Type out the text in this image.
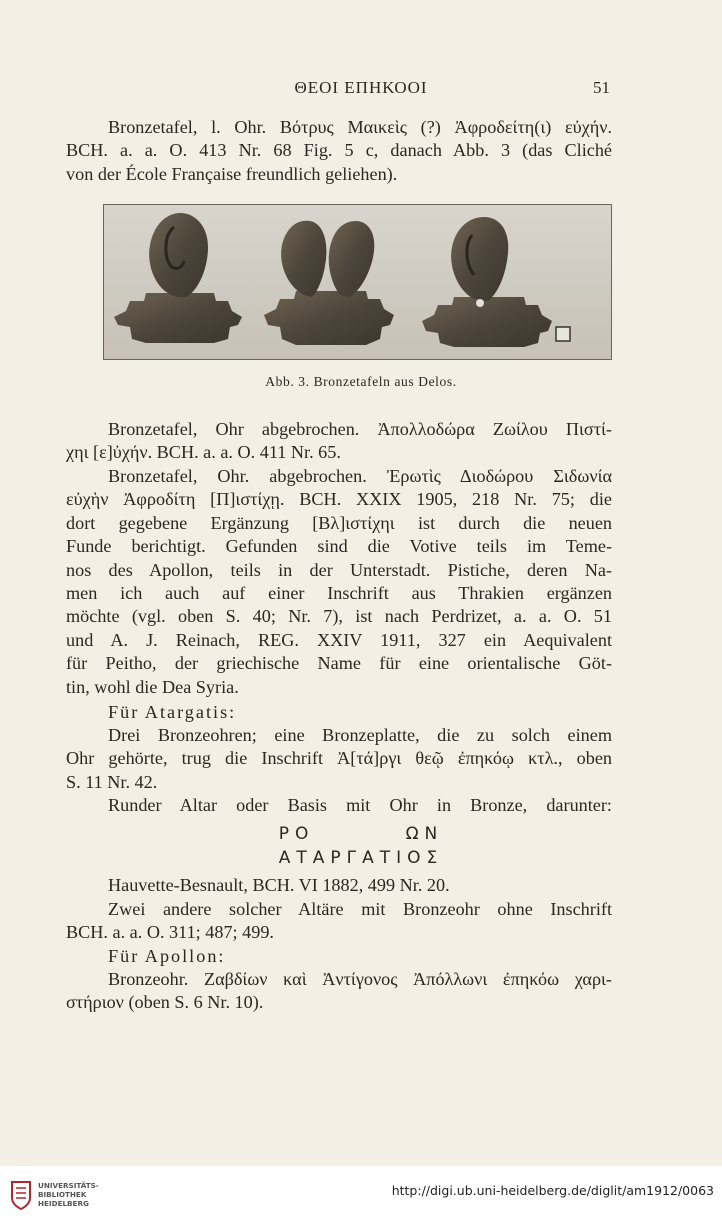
ΘΕΟΙ ΕΠΗΚΟΟΙ	51
Bronzetafel, l. Ohr. Βότρυς Μαικεὶς (?) Ἀφροδείτη(ι) εὐχήν.
BCH. a. a. O. 413 Nr. 68 Fig. 5 c, danach Abb. 3 (das Cliché
von der École Française freundlich geliehen).
Abb. 3. Bronzetafeln aus Delos.
Bronzetafel, Ohr abgebrochen. Ἀπολλοδώρα Ζωίλου Πιστί-
χηι [ε]ὐχήν. BCH. a. a. O. 411 Nr. 65.
Bronzetafel, Ohr. abgebrochen. Ἐρωτὶς Διοδώρου Σιδωνία
εὐχὴν Ἀφροδίτη [Π]ιστίχῃ. BCH. XXIX 1905, 218 Nr. 75; die
dort gegebene Ergänzung [Βλ]ιστίχηι ist durch die neuen
Funde berichtigt. Gefunden sind die Votive teils im Teme-
nos des Apollon, teils in der Unterstadt. Pistiche, deren Na-
men ich auch auf einer Inschrift aus Thrakien ergänzen
möchte (vgl. oben S. 40; Nr. 7), ist nach Perdrizet, a. a. O. 51
und A. J. Reinach, REG. XXIV 1911, 327 ein Aequivalent
für Peitho, der griechische Name für eine orientalische Göt-
tin, wohl die Dea Syria.
Für Atargatis:
Drei Bronzeohren; eine Bronzeplatte, die zu solch einem
Ohr gehörte, trug die Inschrift Ἀ[τά]ργι θεῷ ἐπηκόῳ κτλ., oben
S. 11 Nr. 42.
Runder Altar oder Basis mit Ohr in Bronze, darunter:
ΡΟ        ΩΝ
ΑΤΑΡΓΑΤΙΟΣ
Hauvette-Besnault, BCH. VI 1882, 499 Nr. 20.
Zwei andere solcher Altäre mit Bronzeohr ohne Inschrift
BCH. a. a. O. 311; 487; 499.
Für Apollon:
Bronzeohr. Ζαβδίων καὶ Ἀντίγονος Ἀπόλλωνι ἐπηκόω χαρι-
στήριον (oben S. 6 Nr. 10).
UNIVERSITÄTS-
BIBLIOTHEK
HEIDELBERG
http://digi.ub.uni-heidelberg.de/diglit/am1912/0063
